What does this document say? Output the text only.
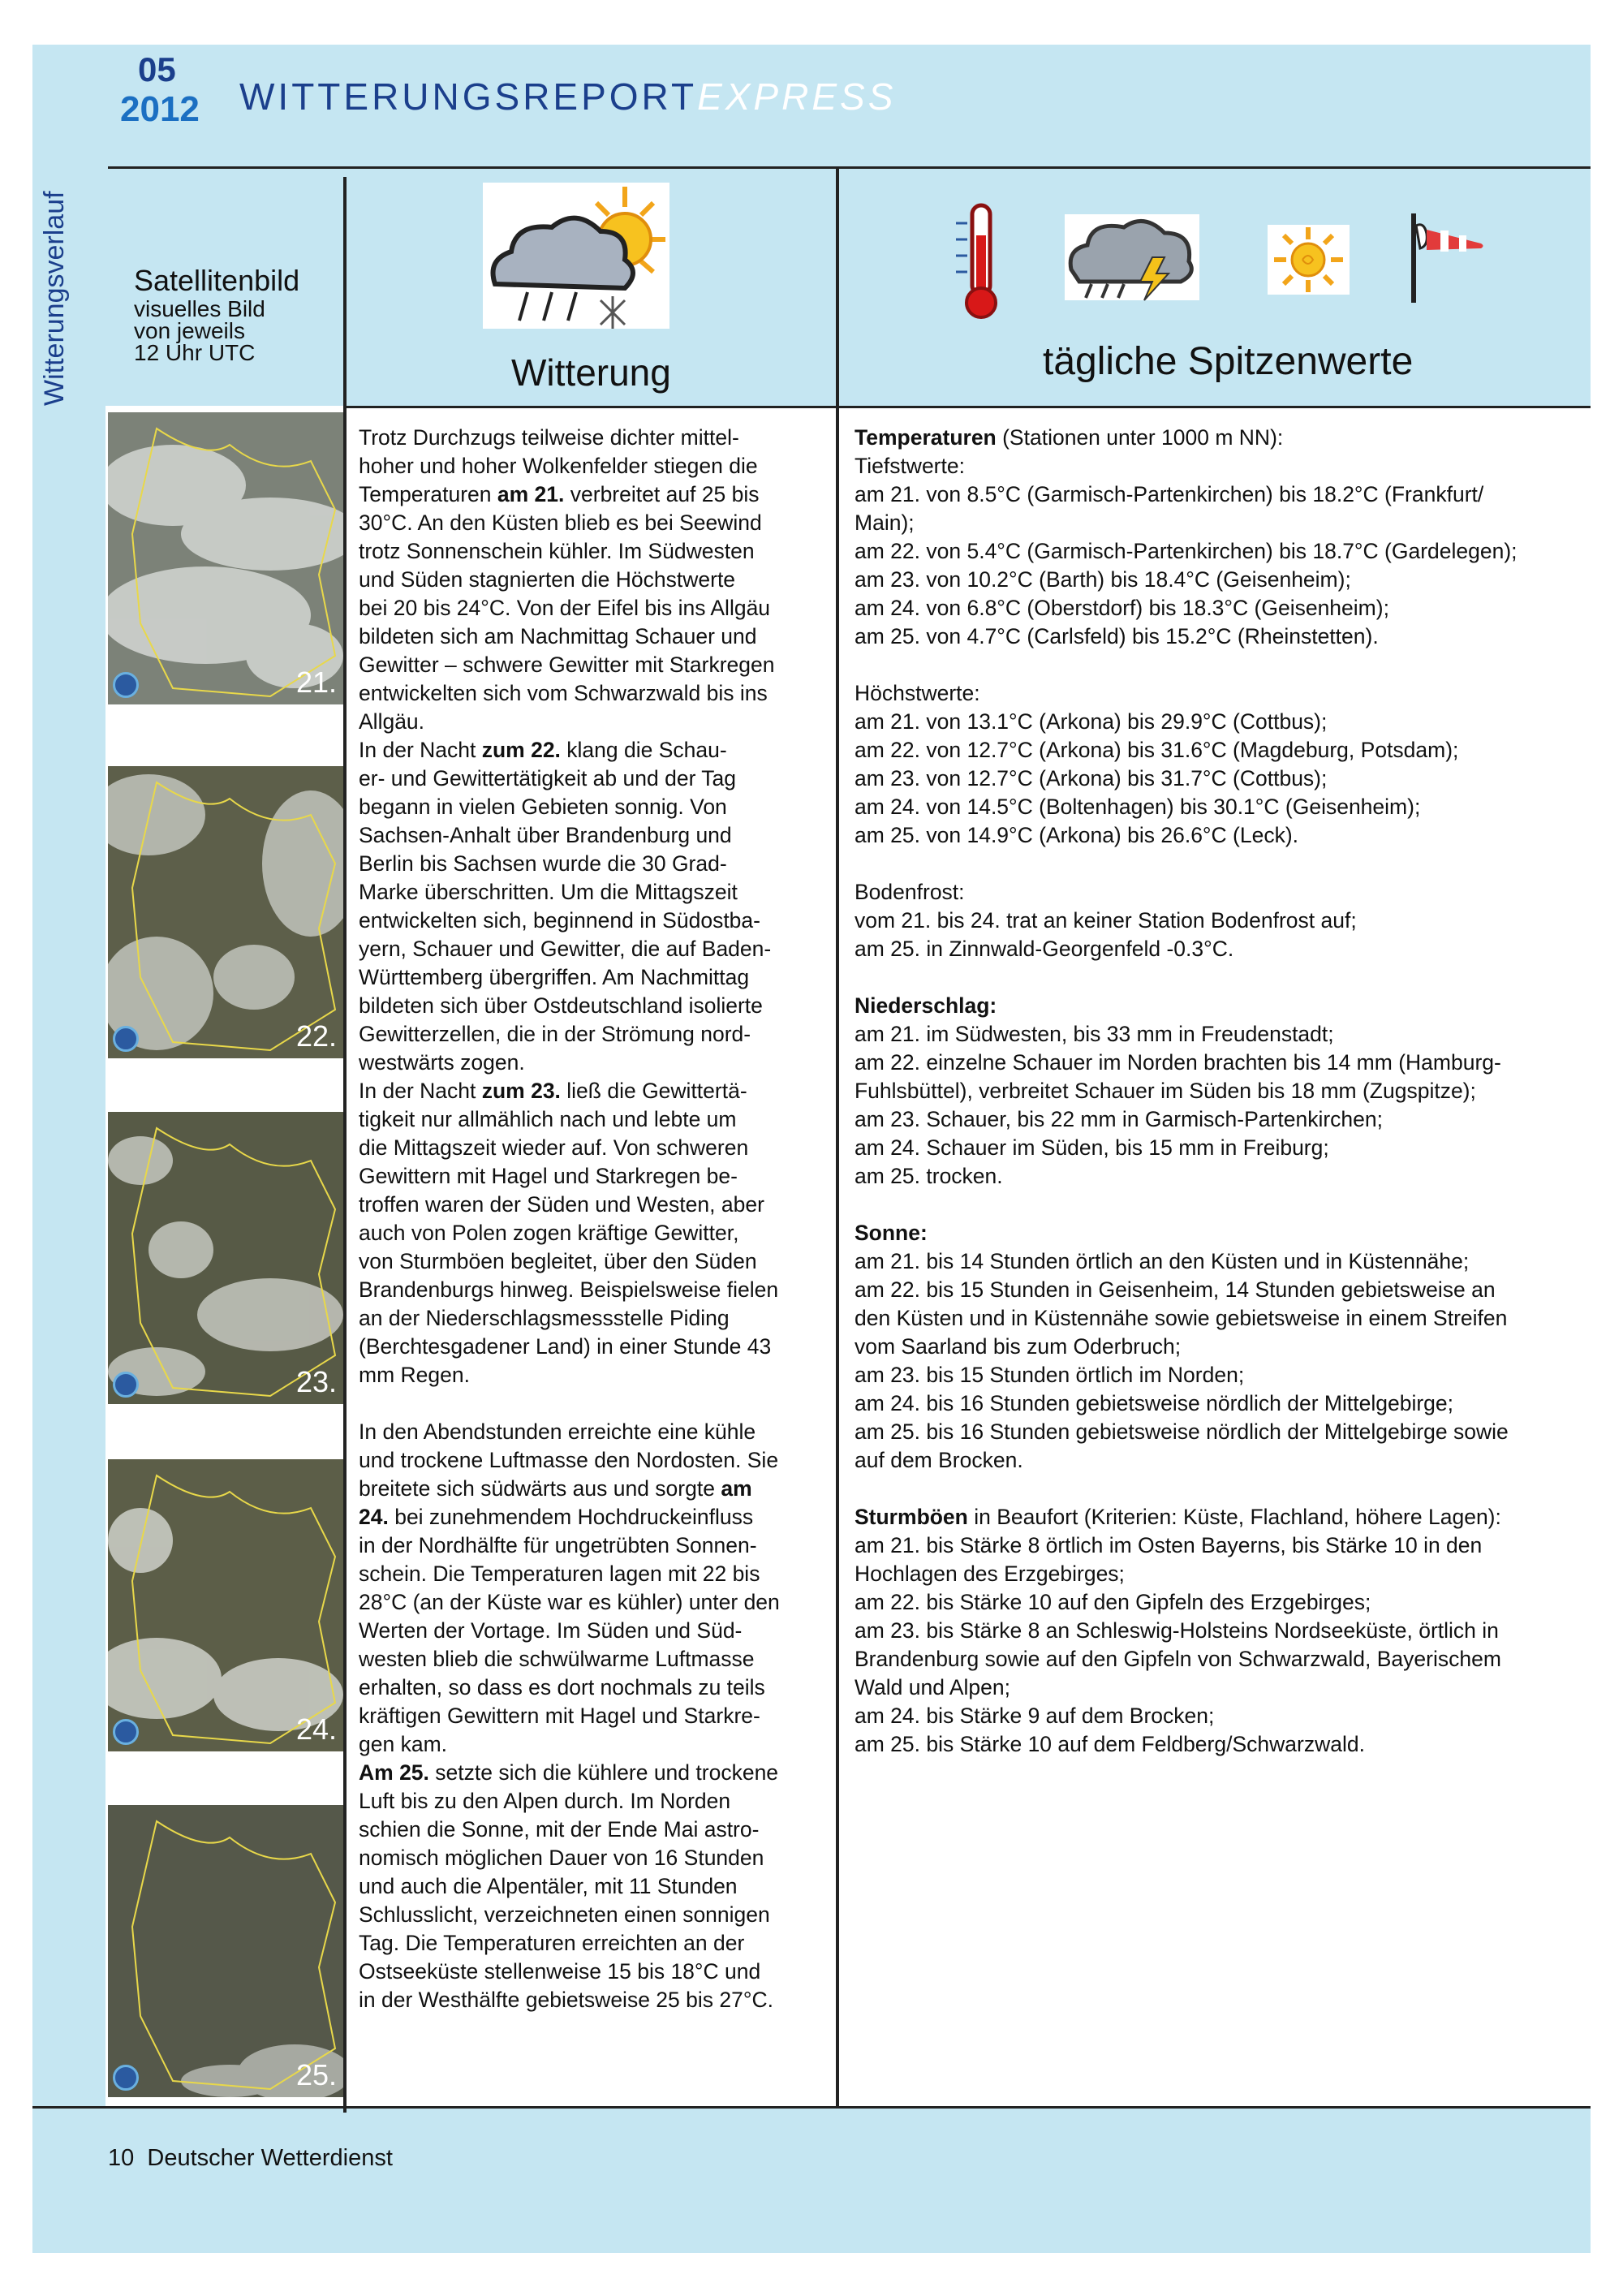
05
2012 WITTERUNGSREPORTEXPRESS
Witterungsverlauf Satellitenbild
visuelles Bild
von jeweils
12 Uhr UTC	Witterung	tägliche Spitzenwerte
21.
22.
23.
24.
25.

Trotz Durchzugs teilweise dichter mittel-

hoher und hoher Wolkenfelder stiegen die

Temperaturen am 21. verbreitet auf 25 bis

30°C. An den Küsten blieb es bei Seewind

trotz Sonnenschein kühler. Im Südwesten

und Süden stagnierten die Höchstwerte

bei 20 bis 24°C. Von der Eifel bis ins Allgäu

bildeten sich am Nachmittag Schauer und

Gewitter – schwere Gewitter mit Starkregen

entwickelten sich vom Schwarzwald bis ins

Allgäu.

In der Nacht zum 22. klang die Schau-

er- und Gewittertätigkeit ab und der Tag

begann in vielen Gebieten sonnig. Von

Sachsen-Anhalt über Brandenburg und

Berlin bis Sachsen wurde die 30 Grad-

Marke überschritten. Um die Mittagszeit

entwickelten sich, beginnend in Südostba-

yern, Schauer und Gewitter, die auf Baden-

Württemberg übergriffen. Am Nachmittag

bildeten sich über Ostdeutschland isolierte

Gewitterzellen, die in der Strömung nord-

westwärts zogen.

In der Nacht zum 23. ließ die Gewittertä-

tigkeit nur allmählich nach und lebte um

die Mittagszeit wieder auf. Von schweren

Gewittern mit Hagel und Starkregen be-

troffen waren der Süden und Westen, aber

auch von Polen zogen kräftige Gewitter,

von Sturmböen begleitet, über den Süden

Brandenburgs hinweg. Beispielsweise fielen

an der Niederschlagsmessstelle Piding

(Berchtesgadener Land) in einer Stunde 43

mm Regen.

In den Abendstunden erreichte eine kühle

und trockene Luftmasse den Nordosten. Sie

breitete sich südwärts aus und sorgte am

24. bei zunehmendem Hochdruckeinfluss

in der Nordhälfte für ungetrübten Sonnen-

schein. Die Temperaturen lagen mit 22 bis

28°C (an der Küste war es kühler) unter den

Werten der Vortage. Im Süden und Süd-

westen blieb die schwülwarme Luftmasse

erhalten, so dass es dort nochmals zu teils

kräftigen Gewittern mit Hagel und Starkre-

gen kam.

Am 25. setzte sich die kühlere und trockene

Luft bis zu den Alpen durch. Im Norden

schien die Sonne, mit der Ende Mai astro-

nomisch möglichen Dauer von 16 Stunden

und auch die Alpentäler, mit 11 Stunden

Schlusslicht, verzeichneten einen sonnigen

Tag. Die Temperaturen erreichten an der

Ostseeküste stellenweise 15 bis 18°C und

in der Westhälfte gebietsweise 25 bis 27°C.

Temperaturen (Stationen unter 1000 m NN):

Tiefstwerte:

am 21. von 8.5°C (Garmisch-Partenkirchen) bis 18.2°C (Frankfurt/

Main);

am 22. von 5.4°C (Garmisch-Partenkirchen) bis 18.7°C (Gardelegen);

am 23. von 10.2°C (Barth) bis 18.4°C (Geisenheim);

am 24. von 6.8°C (Oberstdorf) bis 18.3°C (Geisenheim);

am 25. von 4.7°C (Carlsfeld) bis 15.2°C (Rheinstetten).

Höchstwerte:

am 21. von 13.1°C (Arkona) bis 29.9°C (Cottbus);

am 22. von 12.7°C (Arkona) bis 31.6°C (Magdeburg, Potsdam);

am 23. von 12.7°C (Arkona) bis 31.7°C (Cottbus);

am 24. von 14.5°C (Boltenhagen) bis 30.1°C (Geisenheim);

am 25. von 14.9°C (Arkona) bis 26.6°C (Leck).

Bodenfrost:

vom 21. bis 24. trat an keiner Station Bodenfrost auf;

am 25. in Zinnwald-Georgenfeld -0.3°C.

Niederschlag:

am 21. im Südwesten, bis 33 mm in Freudenstadt;

am 22. einzelne Schauer im Norden brachten bis 14 mm (Hamburg-

Fuhlsbüttel), verbreitet Schauer im Süden bis 18 mm (Zugspitze);

am 23. Schauer, bis 22 mm in Garmisch-Partenkirchen;

am 24. Schauer im Süden, bis 15 mm in Freiburg;

am 25. trocken.

Sonne:

am 21. bis 14 Stunden örtlich an den Küsten und in Küstennähe;

am 22. bis 15 Stunden in Geisenheim, 14 Stunden gebietsweise an

den Küsten und in Küstennähe sowie gebietsweise in einem Streifen

vom Saarland bis zum Oderbruch;

am 23. bis 15 Stunden örtlich im Norden;

am 24. bis 16 Stunden gebietsweise nördlich der Mittelgebirge;

am 25. bis 16 Stunden gebietsweise nördlich der Mittelgebirge sowie

auf dem Brocken.

Sturmböen in Beaufort (Kriterien: Küste, Flachland, höhere Lagen):

am 21. bis Stärke 8 örtlich im Osten Bayerns, bis Stärke 10 in den

Hochlagen des Erzgebirges;

am 22. bis Stärke 10 auf den Gipfeln des Erzgebirges;

am 23. bis Stärke 8 an Schleswig-Holsteins Nordseeküste, örtlich in

Brandenburg sowie auf den Gipfeln von Schwarzwald, Bayerischem

Wald und Alpen;

am 24. bis Stärke 9 auf dem Brocken;

am 25. bis Stärke 10 auf dem Feldberg/Schwarzwald.

10 Deutscher Wetterdienst
